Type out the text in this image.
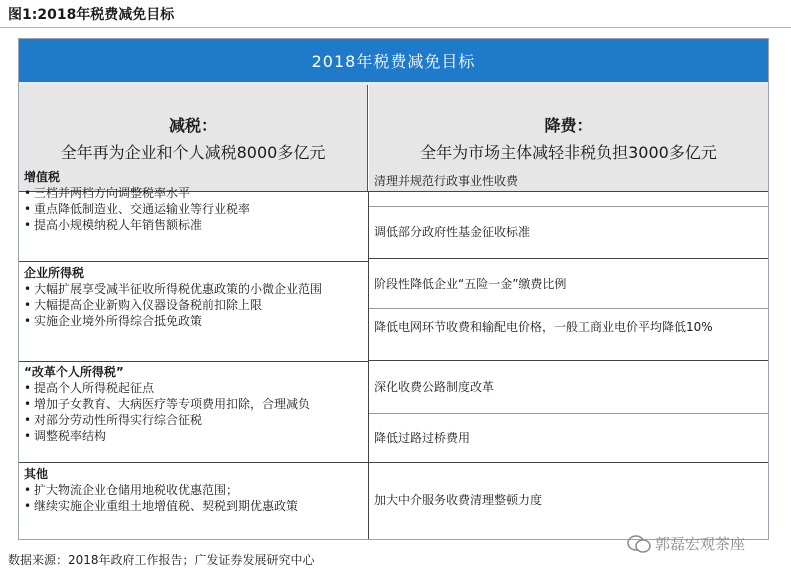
图1:2018年税费减免目标
2018年税费减免目标
减税：
全年再为企业和个人减税8000多亿元
降费：
全年为市场主体减轻非税负担3000多亿元
增值税
• 三档并两档方向调整税率水平
• 重点降低制造业、交通运输业等行业税率
• 提高小规模纳税人年销售额标准
企业所得税
• 大幅扩展享受减半征收所得税优惠政策的小微企业范围
• 大幅提高企业新购入仪器设备税前扣除上限
• 实施企业境外所得综合抵免政策
“改革个人所得税”
• 提高个人所得税起征点
• 增加子女教育、大病医疗等专项费用扣除，合理减负
• 对部分劳动性所得实行综合征税
• 调整税率结构
其他
• 扩大物流企业仓储用地税收优惠范围；
• 继续实施企业重组土地增值税、契税到期优惠政策
清理并规范行政事业性收费
调低部分政府性基金征收标准
阶段性降低企业“五险一金”缴费比例
降低电网环节收费和输配电价格，一般工商业电价平均降低10%
深化收费公路制度改革
降低过路过桥费用
加大中介服务收费清理整顿力度
郭磊宏观茶座
数据来源：2018年政府工作报告；广发证券发展研究中心
